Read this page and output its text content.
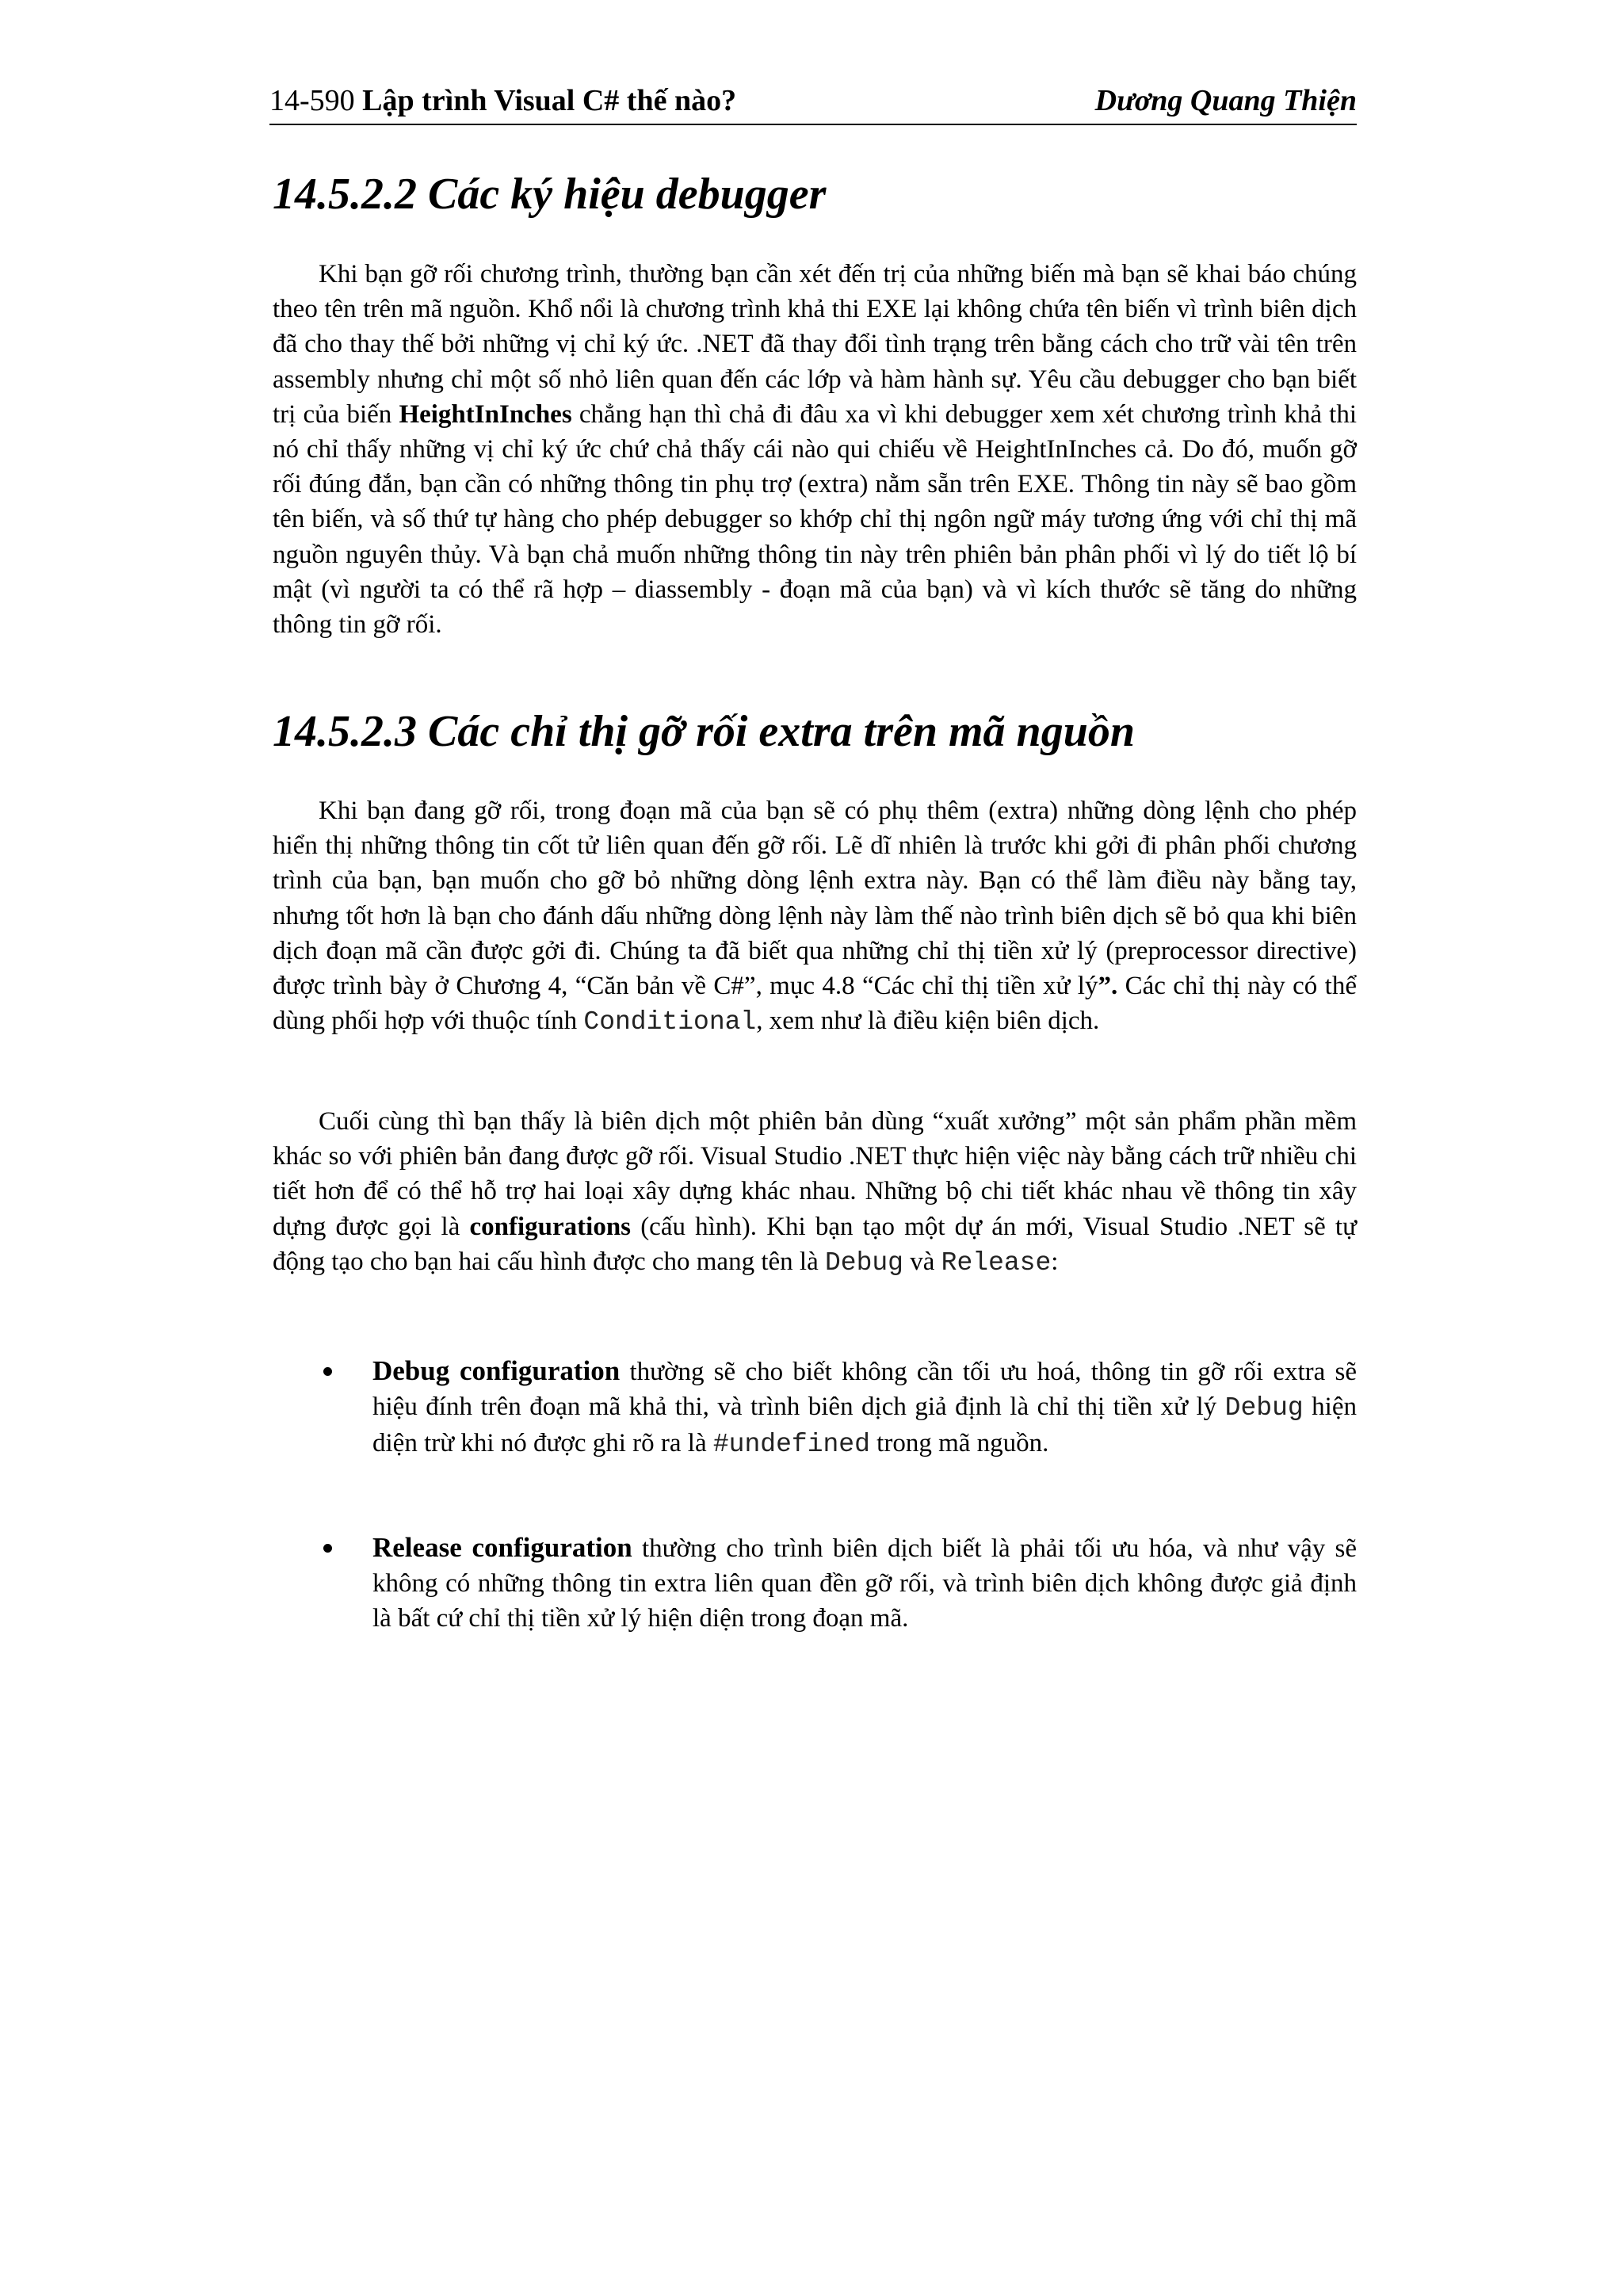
14-590 Lập trình Visual C# thế nào?	Dương Quang Thiện
14.5.2.2 Các ký hiệu debugger

Khi bạn gỡ rối chương trình, thường bạn cần xét đến trị của những biến mà bạn sẽ khai báo chúng theo tên trên mã nguồn. Khổ nổi là chương trình khả thi EXE lại không chứa tên biến vì trình biên dịch đã cho thay thế bởi những vị chỉ ký ức. .NET đã thay đổi tình trạng trên bằng cách cho trữ vài tên trên assembly nhưng chỉ một số nhỏ liên quan đến các lớp và hàm hành sự. Yêu cầu debugger cho bạn biết trị của biến HeightInInches chẳng hạn thì chả đi đâu xa vì khi debugger xem xét chương trình khả thi nó chỉ thấy những vị chỉ ký ức chứ chả thấy cái nào qui chiếu về HeightInInches cả. Do đó, muốn gỡ rối đúng đắn, bạn cần có những thông tin phụ trợ (extra) nằm sẵn trên EXE. Thông tin này sẽ bao gồm tên biến, và số thứ tự hàng cho phép debugger so khớp chỉ thị ngôn ngữ máy tương ứng với chỉ thị mã nguồn nguyên thủy. Và bạn chả muốn những thông tin này trên phiên bản phân phối vì lý do tiết lộ bí mật (vì người ta có thể rã hợp – diassembly - đoạn mã của bạn) và vì kích thước sẽ tăng do những thông tin gỡ rối.

14.5.2.3 Các chỉ thị gỡ rối extra trên mã nguồn

Khi bạn đang gỡ rối, trong đoạn mã của bạn sẽ có phụ thêm (extra) những dòng lệnh cho phép hiển thị những thông tin cốt tử liên quan đến gỡ rối. Lẽ dĩ nhiên là trước khi gởi đi phân phối chương trình của bạn, bạn muốn cho gỡ bỏ những dòng lệnh extra này. Bạn có thể làm điều này bằng tay, nhưng tốt hơn là bạn cho đánh dấu những dòng lệnh này làm thế nào trình biên dịch sẽ bỏ qua khi biên dịch đoạn mã cần được gởi đi. Chúng ta đã biết qua những chỉ thị tiền xử lý (preprocessor directive) được trình bày ở Chương 4, “Căn bản về C#”, mục 4.8 “Các chỉ thị tiền xử lý”. Các chỉ thị này có thể dùng phối hợp với thuộc tính Conditional, xem như là điều kiện biên dịch.

Cuối cùng thì bạn thấy là biên dịch một phiên bản dùng “xuất xưởng” một sản phẩm phần mềm khác so với phiên bản đang được gỡ rối. Visual Studio .NET thực hiện việc này bằng cách trữ nhiều chi tiết hơn để có thể hỗ trợ hai loại xây dựng khác nhau. Những bộ chi tiết khác nhau về thông tin xây dựng được gọi là configurations (cấu hình). Khi bạn tạo một dự án mới, Visual Studio .NET sẽ tự động tạo cho bạn hai cấu hình được cho mang tên là Debug và Release:

Debug configuration thường sẽ cho biết không cần tối ưu hoá, thông tin gỡ rối extra sẽ hiệu đính trên đoạn mã khả thi, và trình biên dịch giả định là chỉ thị tiền xử lý Debug hiện diện trừ khi nó được ghi rõ ra là #undefined trong mã nguồn.
Release configuration thường cho trình biên dịch biết là phải tối ưu hóa, và như vậy sẽ không có những thông tin extra liên quan đền gỡ rối, và trình biên dịch không được giả định là bất cứ chỉ thị tiền xử lý hiện diện trong đoạn mã.
